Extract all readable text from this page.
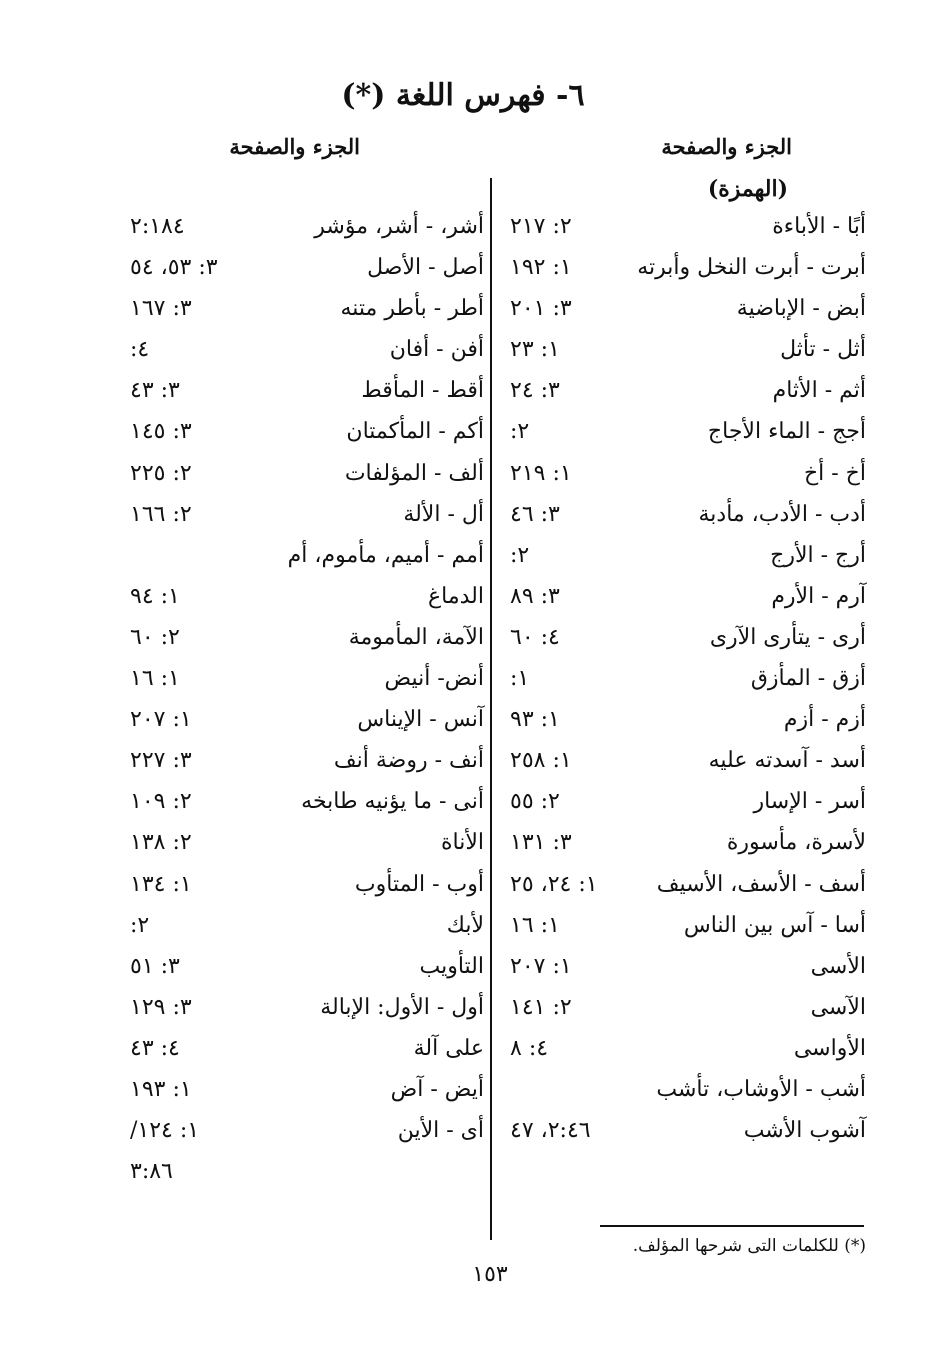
٦- فهرس اللغة (*)
الجزء والصفحة
الجزء والصفحة
(الهمزة)
أبًا - الأباءة
٢: ٢١٧
أبرت - أبرت النخل وأبرته
١: ١٩٢
أبض - الإباضية
٣: ٢٠١
أثل - تأثل
١: ٢٣
أثم - الأثام
٣: ٢٤
أجج - الماء الأجاج
٢:
أخ - أخ
١: ٢١٩
أدب - الأدب، مأدبة
٣: ٤٦
أرج - الأرج
٢:
آرم - الأرم
٣: ٨٩
أرى - يتأرى الآرى
٤: ٦٠
أزق - المأزق
١:
أزم - أزم
١: ٩٣
أسد - آسدته عليه
١: ٢٥٨
أسر - الإسار
٢: ٥٥
لأسرة، مأسورة
٣: ١٣١
أسف - الأسف، الأسيف
١: ٢٤، ٢٥
أسا - آس بين الناس
١: ١٦
الأسى
١: ٢٠٧
الآسى
٢: ١٤١
الأواسى
٤: ٨
أشب - الأوشاب، تأشب
آشوب الأشب
٢:٤٦، ٤٧
أشر، - أشر، مؤشر
٢:١٨٤
أصل - الأصل
٣: ٥٣، ٥٤
أطر - بأطر متنه
٣: ١٦٧
أفن - أفان
٤:
أقط - المأقط
٣: ٤٣
أكم - المأكمتان
٣: ١٤٥
ألف - المؤلفات
٢: ٢٢٥
أل - الألة
٢: ١٦٦
أمم - أميم، مأموم، أم
الدماغ
١: ٩٤
الآمة، المأمومة
٢: ٦٠
أنض- أنيض
١: ١٦
آنس - الإيناس
١: ٢٠٧
أنف - روضة أنف
٣: ٢٢٧
أنى - ما يؤنيه طابخه
٢: ١٠٩
الأناة
٢: ١٣٨
أوب - المتأوب
١: ١٣٤
لأبك
٢:
التأويب
٣: ٥١
أول - الأول: الإبالة
٣: ١٢٩
على آلة
٤: ٤٣
أيض - آض
١: ١٩٣
أى - الأين
١: ١٢٤/
٣:٨٦
(*) للكلمات التى شرحها المؤلف.
١٥٣
